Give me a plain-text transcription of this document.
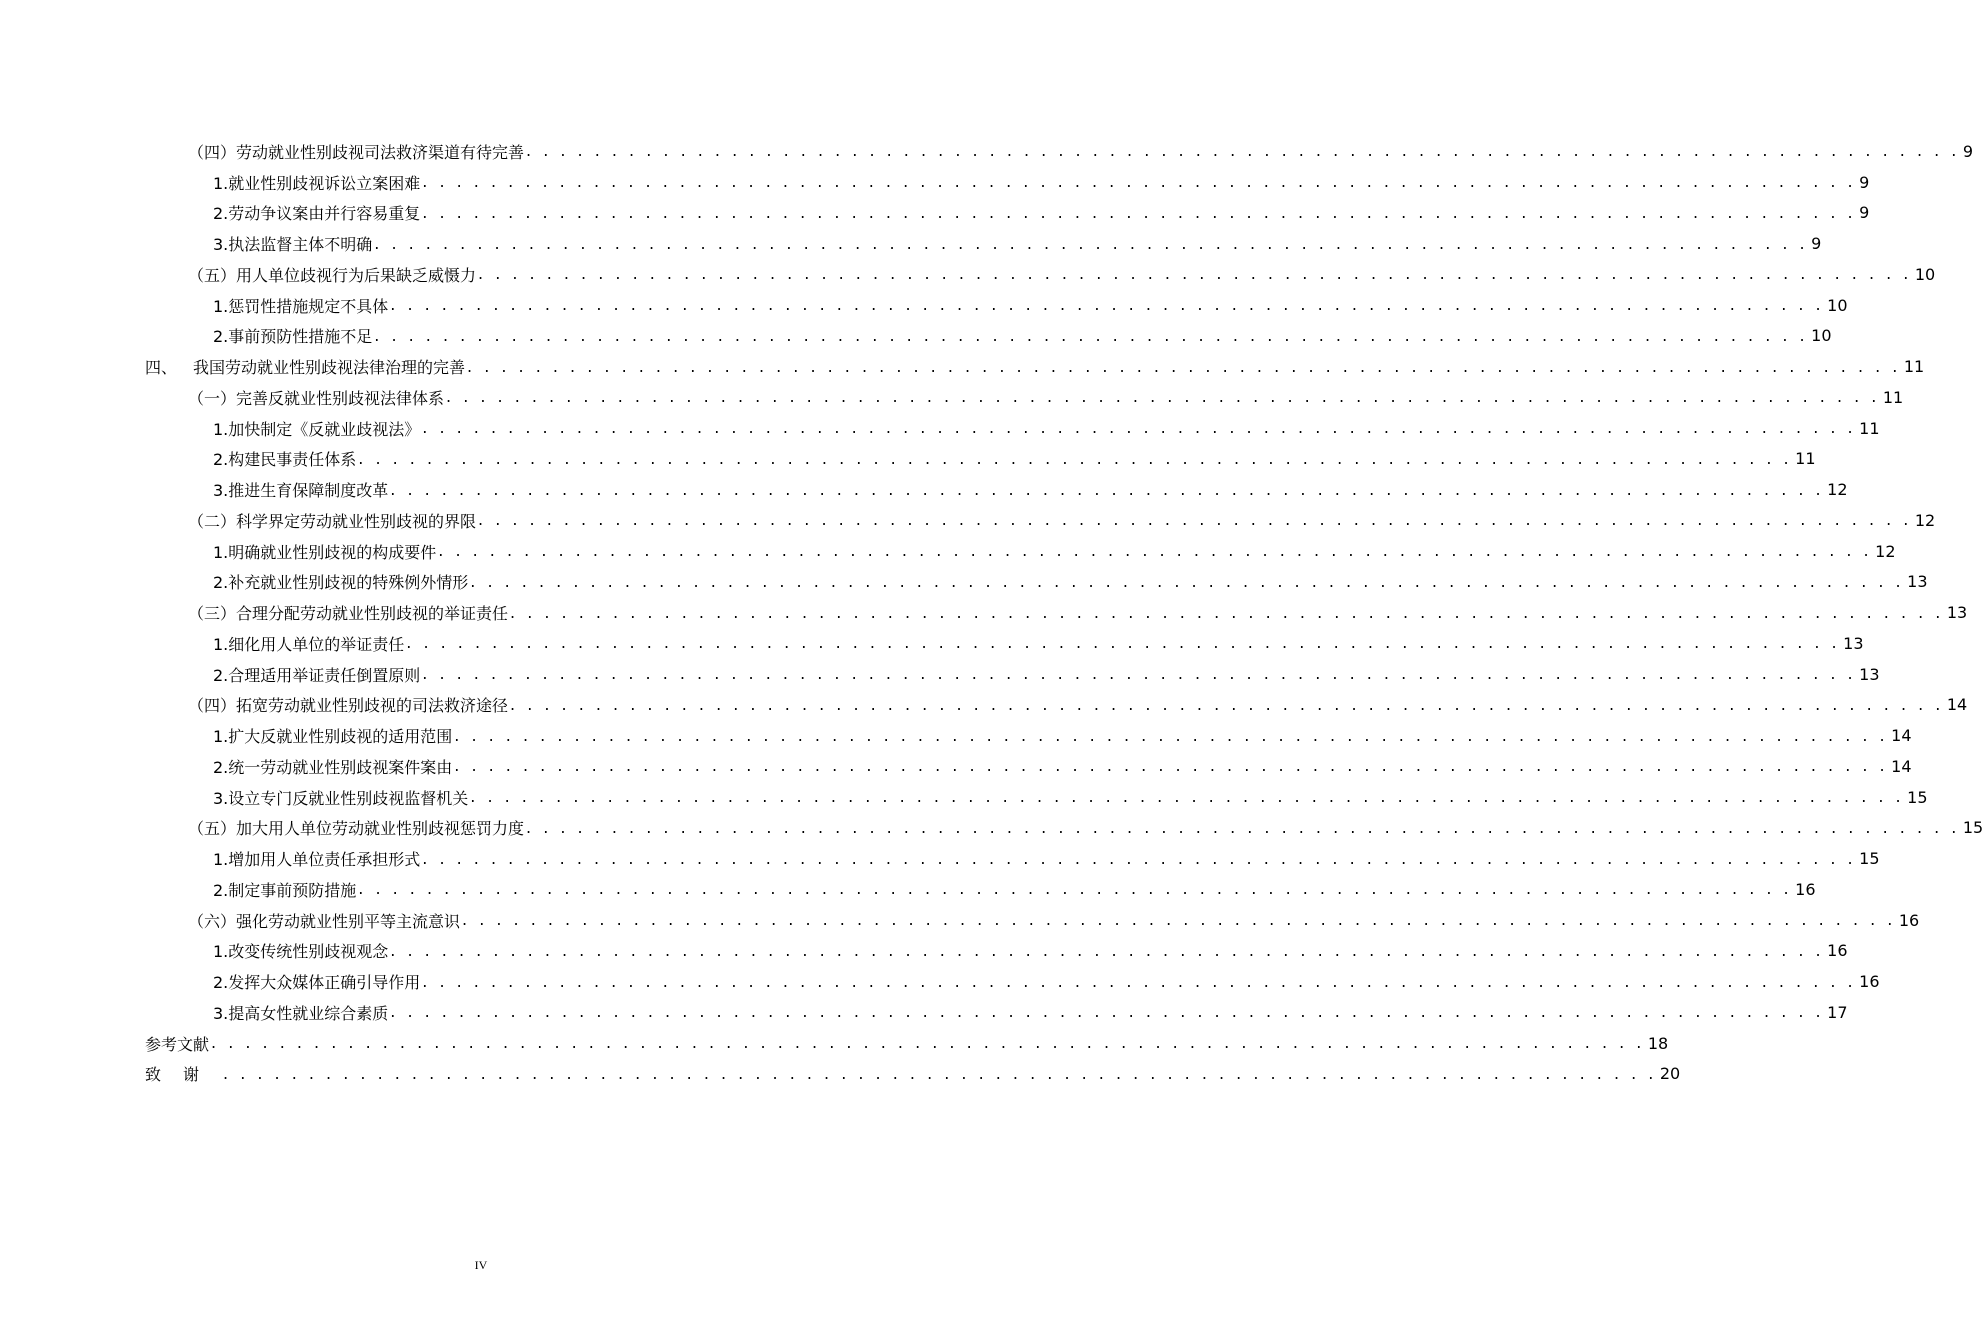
（四）劳动就业性别歧视司法救济渠道有待完善 . . . . . . . . . . . . . . . . . . . . . . . . . . . . . . . . . . . . . . . . . . . . . . . . . . . . . . . . . . . . . . . . . . . . . . . . . . . . . . . . . . . . 9
1.就业性别歧视诉讼立案困难 . . . . . . . . . . . . . . . . . . . . . . . . . . . . . . . . . . . . . . . . . . . . . . . . . . . . . . . . . . . . . . . . . . . . . . . . . . . . . . . . . . . . 9
2.劳动争议案由并行容易重复 . . . . . . . . . . . . . . . . . . . . . . . . . . . . . . . . . . . . . . . . . . . . . . . . . . . . . . . . . . . . . . . . . . . . . . . . . . . . . . . . . . . . 9
3.执法监督主体不明确 . . . . . . . . . . . . . . . . . . . . . . . . . . . . . . . . . . . . . . . . . . . . . . . . . . . . . . . . . . . . . . . . . . . . . . . . . . . . . . . . . . . . 9
（五）用人单位歧视行为后果缺乏威慑力 . . . . . . . . . . . . . . . . . . . . . . . . . . . . . . . . . . . . . . . . . . . . . . . . . . . . . . . . . . . . . . . . . . . . . . . . . . . . . . . . . . . . 10
1.惩罚性措施规定不具体 . . . . . . . . . . . . . . . . . . . . . . . . . . . . . . . . . . . . . . . . . . . . . . . . . . . . . . . . . . . . . . . . . . . . . . . . . . . . . . . . . . . . 10
2.事前预防性措施不足 . . . . . . . . . . . . . . . . . . . . . . . . . . . . . . . . . . . . . . . . . . . . . . . . . . . . . . . . . . . . . . . . . . . . . . . . . . . . . . . . . . . . 10
四、 我国劳动就业性别歧视法律治理的完善 . . . . . . . . . . . . . . . . . . . . . . . . . . . . . . . . . . . . . . . . . . . . . . . . . . . . . . . . . . . . . . . . . . . . . . . . . . . . . . . . . . . . 11
（一）完善反就业性别歧视法律体系 . . . . . . . . . . . . . . . . . . . . . . . . . . . . . . . . . . . . . . . . . . . . . . . . . . . . . . . . . . . . . . . . . . . . . . . . . . . . . . . . . . . . 11
1.加快制定《反就业歧视法》 . . . . . . . . . . . . . . . . . . . . . . . . . . . . . . . . . . . . . . . . . . . . . . . . . . . . . . . . . . . . . . . . . . . . . . . . . . . . . . . . . . . . 11
2.构建民事责任体系 . . . . . . . . . . . . . . . . . . . . . . . . . . . . . . . . . . . . . . . . . . . . . . . . . . . . . . . . . . . . . . . . . . . . . . . . . . . . . . . . . . . . 11
3.推进生育保障制度改革 . . . . . . . . . . . . . . . . . . . . . . . . . . . . . . . . . . . . . . . . . . . . . . . . . . . . . . . . . . . . . . . . . . . . . . . . . . . . . . . . . . . . 12
（二）科学界定劳动就业性别歧视的界限 . . . . . . . . . . . . . . . . . . . . . . . . . . . . . . . . . . . . . . . . . . . . . . . . . . . . . . . . . . . . . . . . . . . . . . . . . . . . . . . . . . . . 12
1.明确就业性别歧视的构成要件 . . . . . . . . . . . . . . . . . . . . . . . . . . . . . . . . . . . . . . . . . . . . . . . . . . . . . . . . . . . . . . . . . . . . . . . . . . . . . . . . . . . . 12
2.补充就业性别歧视的特殊例外情形 . . . . . . . . . . . . . . . . . . . . . . . . . . . . . . . . . . . . . . . . . . . . . . . . . . . . . . . . . . . . . . . . . . . . . . . . . . . . . . . . . . . . 13
（三）合理分配劳动就业性别歧视的举证责任 . . . . . . . . . . . . . . . . . . . . . . . . . . . . . . . . . . . . . . . . . . . . . . . . . . . . . . . . . . . . . . . . . . . . . . . . . . . . . . . . . . . . 13
1.细化用人单位的举证责任 . . . . . . . . . . . . . . . . . . . . . . . . . . . . . . . . . . . . . . . . . . . . . . . . . . . . . . . . . . . . . . . . . . . . . . . . . . . . . . . . . . . . 13
2.合理适用举证责任倒置原则 . . . . . . . . . . . . . . . . . . . . . . . . . . . . . . . . . . . . . . . . . . . . . . . . . . . . . . . . . . . . . . . . . . . . . . . . . . . . . . . . . . . . 13
（四）拓宽劳动就业性别歧视的司法救济途径 . . . . . . . . . . . . . . . . . . . . . . . . . . . . . . . . . . . . . . . . . . . . . . . . . . . . . . . . . . . . . . . . . . . . . . . . . . . . . . . . . . . . 14
1.扩大反就业性别歧视的适用范围 . . . . . . . . . . . . . . . . . . . . . . . . . . . . . . . . . . . . . . . . . . . . . . . . . . . . . . . . . . . . . . . . . . . . . . . . . . . . . . . . . . . . 14
2.统一劳动就业性别歧视案件案由 . . . . . . . . . . . . . . . . . . . . . . . . . . . . . . . . . . . . . . . . . . . . . . . . . . . . . . . . . . . . . . . . . . . . . . . . . . . . . . . . . . . . 14
3.设立专门反就业性别歧视监督机关 . . . . . . . . . . . . . . . . . . . . . . . . . . . . . . . . . . . . . . . . . . . . . . . . . . . . . . . . . . . . . . . . . . . . . . . . . . . . . . . . . . . . 15
（五）加大用人单位劳动就业性别歧视惩罚力度 . . . . . . . . . . . . . . . . . . . . . . . . . . . . . . . . . . . . . . . . . . . . . . . . . . . . . . . . . . . . . . . . . . . . . . . . . . . . . . . . . . . . 15
1.增加用人单位责任承担形式 . . . . . . . . . . . . . . . . . . . . . . . . . . . . . . . . . . . . . . . . . . . . . . . . . . . . . . . . . . . . . . . . . . . . . . . . . . . . . . . . . . . . 15
2.制定事前预防措施 . . . . . . . . . . . . . . . . . . . . . . . . . . . . . . . . . . . . . . . . . . . . . . . . . . . . . . . . . . . . . . . . . . . . . . . . . . . . . . . . . . . . 16
（六）强化劳动就业性别平等主流意识 . . . . . . . . . . . . . . . . . . . . . . . . . . . . . . . . . . . . . . . . . . . . . . . . . . . . . . . . . . . . . . . . . . . . . . . . . . . . . . . . . . . . 16
1.改变传统性别歧视观念 . . . . . . . . . . . . . . . . . . . . . . . . . . . . . . . . . . . . . . . . . . . . . . . . . . . . . . . . . . . . . . . . . . . . . . . . . . . . . . . . . . . . 16
2.发挥大众媒体正确引导作用 . . . . . . . . . . . . . . . . . . . . . . . . . . . . . . . . . . . . . . . . . . . . . . . . . . . . . . . . . . . . . . . . . . . . . . . . . . . . . . . . . . . . 16
3.提高女性就业综合素质 . . . . . . . . . . . . . . . . . . . . . . . . . . . . . . . . . . . . . . . . . . . . . . . . . . . . . . . . . . . . . . . . . . . . . . . . . . . . . . . . . . . . 17
参考文献 . . . . . . . . . . . . . . . . . . . . . . . . . . . . . . . . . . . . . . . . . . . . . . . . . . . . . . . . . . . . . . . . . . . . . . . . . . . . . . . . . . . . 18
致谢 . . . . . . . . . . . . . . . . . . . . . . . . . . . . . . . . . . . . . . . . . . . . . . . . . . . . . . . . . . . . . . . . . . . . . . . . . . . . . . . . . . . . 20
IV
